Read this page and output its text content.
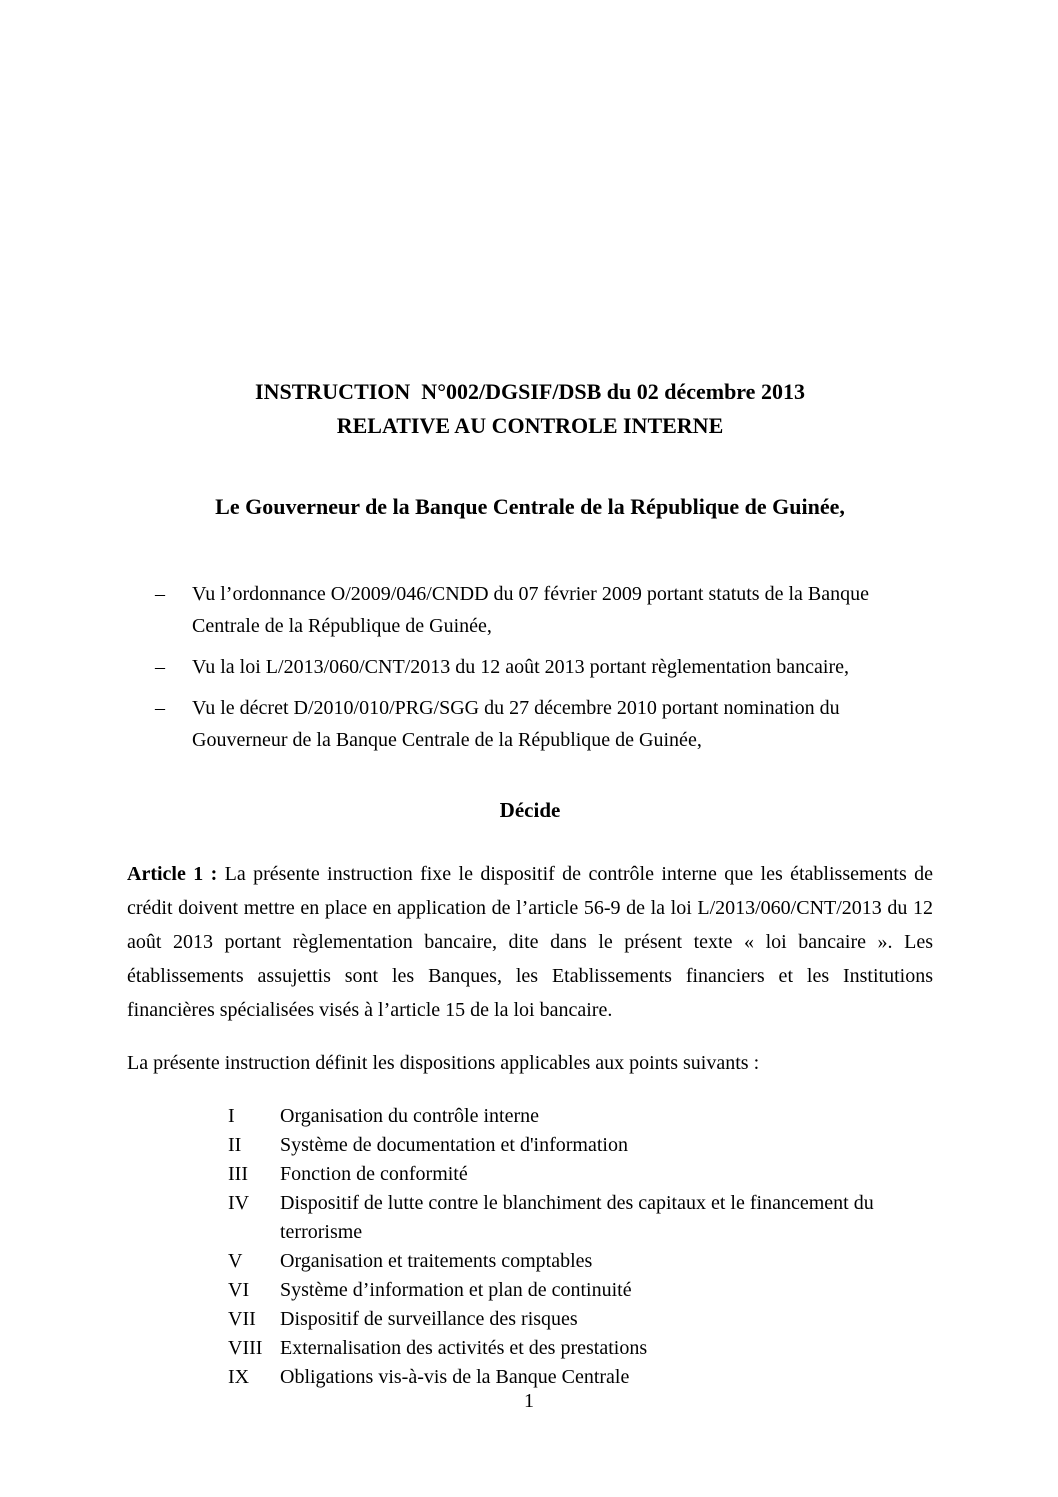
INSTRUCTION  N°002/DGSIF/DSB du 02 décembre 2013
RELATIVE AU CONTROLE INTERNE
Le Gouverneur de la Banque Centrale de la République de Guinée,
–	Vu l’ordonnance O/2009/046/CNDD du 07 février 2009 portant statuts de la Banque Centrale de la République de Guinée,
–	Vu la loi L/2013/060/CNT/2013 du 12 août 2013 portant règlementation bancaire,
–	Vu le décret D/2010/010/PRG/SGG du 27 décembre 2010 portant nomination du Gouverneur de la Banque Centrale de la République de Guinée,
Décide

Article 1 : La présente instruction fixe le dispositif de contrôle interne que les établissements de crédit doivent mettre en place en application de l’article 56-9 de la loi L/2013/060/CNT/2013 du 12 août 2013 portant règlementation bancaire, dite dans le présent texte « loi bancaire ». Les établissements assujettis sont les Banques, les Etablissements financiers et les Institutions financières spécialisées visés à l’article 15 de la loi bancaire.

La présente instruction définit les dispositions applicables aux points suivants :

I	Organisation du contrôle interne
II	Système de documentation et d'information
III	Fonction de conformité
IV	Dispositif de lutte contre le blanchiment des capitaux et le financement du terrorisme
V	Organisation et traitements comptables
VI	Système d’information et plan de continuité
VII	Dispositif de surveillance des risques
VIII Externalisation des activités et des prestations
IX	Obligations vis-à-vis de la Banque Centrale
1
